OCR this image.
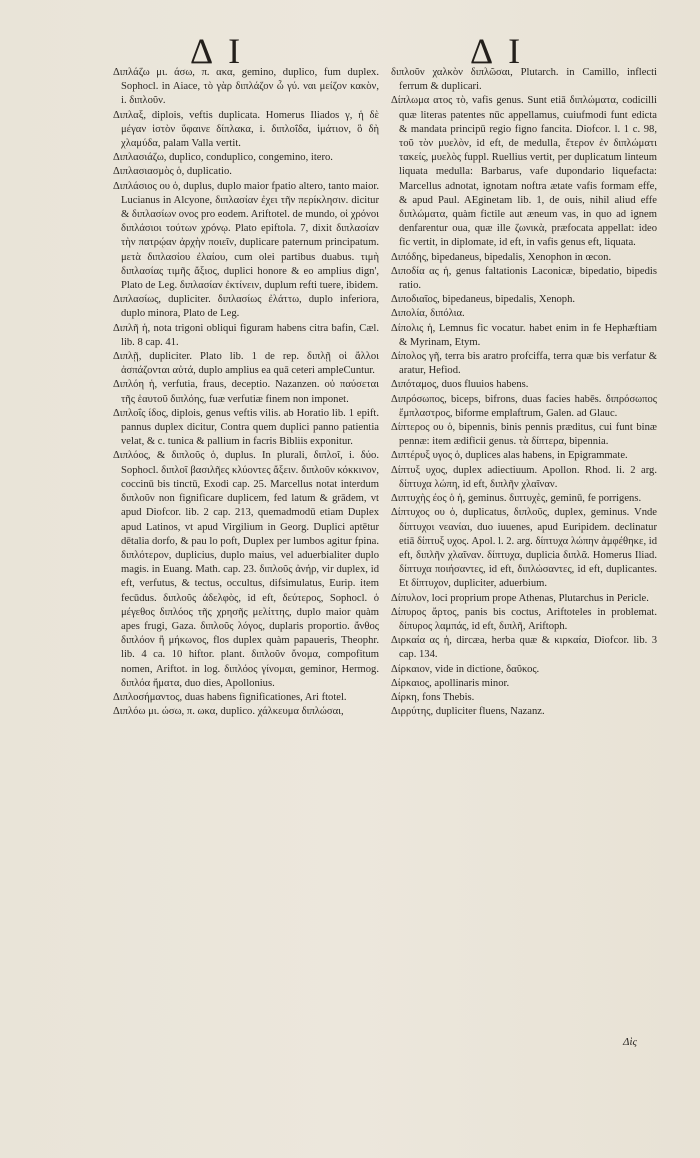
Δ Ι	Δ Ι

Διπλάζω μι. άσω, π. ακα, gemino, duplico, fum duplex. Sophocl. in Aiace, τὸ γὰρ διπλάζον ὦ γύ. ναι μείζον κακὸν, i. διπλοῦν.

Διπλαξ, diplois, veftis duplicata. Homerus Iliados γ, ἡ δὲ μέγαν ἱστὸν ὕφαινε δίπλακα, i. διπλοΐδα, ἱμάτιον, ὃ δὴ χλαμύδα, palam Valla vertit.

Διπλασιάζω, duplico, conduplico, congemino, itero.

Διπλασιασμὸς ὁ, duplicatio.

Διπλάσιος ου ὁ, duplus, duplo maior fpatio altero, tanto maior. Lucianus in Alcyone, διπλασίαν ἐχει τῆν περίκλησιν. dicitur & διπλασίων ονος pro eodem. Ariftotel. de mundo, οἱ χρόνοι διπλάσιοι τούτων χρόνῳ. Plato epiftola. 7, dixit διπλασίαν τὴν πατρῴαν ἀρχὴν ποιεῖν, duplicare paternum principatum. μετὰ διπλασίου ἐλαίου, cum olei partibus duabus. τιμὴ διπλασίας τιμῆς ἄξιος, duplici honore & eo amplius dign', Plato de Leg. διπλασίαν ἐκτίνειν, duplum refti tuere, ibidem.

Διπλασίως, dupliciter. διπλασίως ἐλάττω, duplo inferiora, duplo minora, Plato de Leg.

Διπλῆ ἡ, nota trigoni obliqui figuram habens citra bafin, Cæl. lib. 8 cap. 41.

Διπλῇ, dupliciter. Plato lib. 1 de rep. διπλῇ οἱ ἄλλοι ἀσπάζονται αὐτά, duplo amplius ea quā ceteri ampleCuntur.

Διπλόη ἡ, verfutia, fraus, deceptio. Nazanzen. οὐ παύσεται τῆς ἑαυτοῦ διπλόης, fuæ verfutiæ finem non imponet.

Διπλοΐς ίδος, diplois, genus veftis vilis. ab Horatio lib. 1 epift. pannus duplex dicitur, Contra quem duplici panno patientia velat, & c. tunica & pallium in facris Bibliis exponitur.

Διπλόος, & διπλοῦς ὁ, duplus. In plurali, διπλοῖ, i. δύο. Sophocl. διπλοῖ βασιλῆες κλύοντες ἄξειν. διπλοῦν κόκκινον, coccinū bis tinctū, Exodi cap. 25. Marcellus notat interdum διπλοῦν non fignificare duplicem, fed latum & grādem, vt apud Diofcor. lib. 2 cap. 213, quemadmodū etiam Duplex apud Latinos, vt apud Virgilium in Georg. Duplici aptētur dētalia dorfo, & pau lo poft, Duplex per lumbos agitur fpina. διπλότερον, duplicius, duplo maius, vel aduerbialiter duplo magis. in Euang. Math. cap. 23. διπλοῦς ἀνήρ, vir duplex, id eft, verfutus, & tectus, occultus, difsimulatus, Eurip. item fecūdus. διπλοῦς ἀδελφὸς, id eft, δεύτερος, Sophocl. ὁ μέγεθος διπλόος τῆς χρησῆς μελίττης, duplo maior quàm apes frugi, Gaza. διπλοῦς λόγος, duplaris proportio. ἄνθος διπλόον ἢ μήκωνος, flos duplex quàm papaueris, Theophr. lib. 4 ca. 10 hiftor. plant. διπλοῦν ὄνομα, compofitum nomen, Ariftot. in log. διπλόος γίνομαι, geminor, Hermog. διπλόα ἤματα, duo dies, Apollonius.

Διπλοσήμαντος, duas habens fignificationes, Ari ftotel.

Διπλόω μι. ώσω, π. ωκα, duplico. χάλκευμα διπλώσαι,

διπλοῦν χαλκὸν διπλῶσαι, Plutarch. in Camillo, inflecti ferrum & duplicari.

Δίπλωμα ατος τὸ, vafis genus. Sunt etiā διπλώματα, codicilli quæ literas patentes nūc appellamus, cuiufmodi funt edicta & mandata principū regio figno fancita. Diofcor. l. 1 c. 98, τοῦ τὸν μυελὸν, id eft, de medulla, ἕτερον ἐν διπλώματι τακείς, μυελὸς fuppl. Ruellius vertit, per duplicatum linteum liquata medulla: Barbarus, vafe dupondario liquefacta: Marcellus adnotat, ignotam noftra ætate vafis formam effe, & apud Paul. AEginetam lib. 1, de ouis, nihil aliud effe διπλώματα, quàm fictile aut æneum vas, in quo ad ignem denfarentur oua, quæ ille ζωνικὰ, præfocata appellat: ideo fic vertit, in diplomate, id eft, in vafis genus eft, liquata.

Διπόδης, bipedaneus, bipedalis, Xenophon in œcon.

Διποδία ας ἡ, genus faltationis Laconicæ, bipedatio, bipedis ratio.

Διποδιαῖος, bipedaneus, bipedalis, Xenoph.

Διπολία, διπόλια.

Δίπολις ἡ, Lemnus fic vocatur. habet enim in fe Hephæftiam & Myrinam, Etym.

Δίπολος γῆ, terra bis aratro profciffa, terra quæ bis verfatur & aratur, Hefiod.

Διπόταμος, duos fluuios habens.

Διπρόσωπος, biceps, bifrons, duas facies habēs. διπρόσωπος ἔμπλαστρος, biforme emplaftrum, Galen. ad Glauc.

Δίπτερος ου ὁ, bipennis, binis pennis præditus, cui funt binæ pennæ: item ædificii genus. τὰ δίπτερα, bipennia.

Διπτέρυξ υγος ὁ, duplices alas habens, in Epigrammate.

Δίπτυξ υχος, duplex adiectiuum. Apollon. Rhod. li. 2 arg. δίπτυχα λώπη, id eft, διπλῆν χλαῖναν.

Διπτυχὴς έος ὁ ἡ, geminus. διπτυχὲς, geminū, fe porrigens.

Δίπτυχος ου ὁ, duplicatus, διπλοῦς, duplex, geminus. Vnde δίπτυχοι νεανίαι, duo iuuenes, apud Euripidem. declinatur etiā δίπτυξ υχος. Apol. l. 2. arg. δίπτυχα λώπην ἀμφέθηκε, id eft, διπλῆν χλαῖναν. δίπτυχα, duplicia διπλᾶ. Homerus Iliad. δίπτυχα ποιήσαντες, id eft, διπλώσαντες, id eft, duplicantes. Et δίπτυχον, dupliciter, aduerbium.

Δίπυλον, loci proprium prope Athenas, Plutarchus in Pericle.

Δίπυρος ἄρτος, panis bis coctus, Ariftoteles in problemat. δίπυρος λαμπάς, id eft, διπλῆ, Ariftoph.

Διρκαία ας ἡ, dircæa, herba quæ & κιρκαία, Diofcor. lib. 3 cap. 134.

Δίρκαιον, vide in dictione, δαῦκος.

Δίρκαιος, apollinaris minor.

Δίρκη, fons Thebis.

Διρρύτης, dupliciter fluens, Nazanz.

Δὶς
